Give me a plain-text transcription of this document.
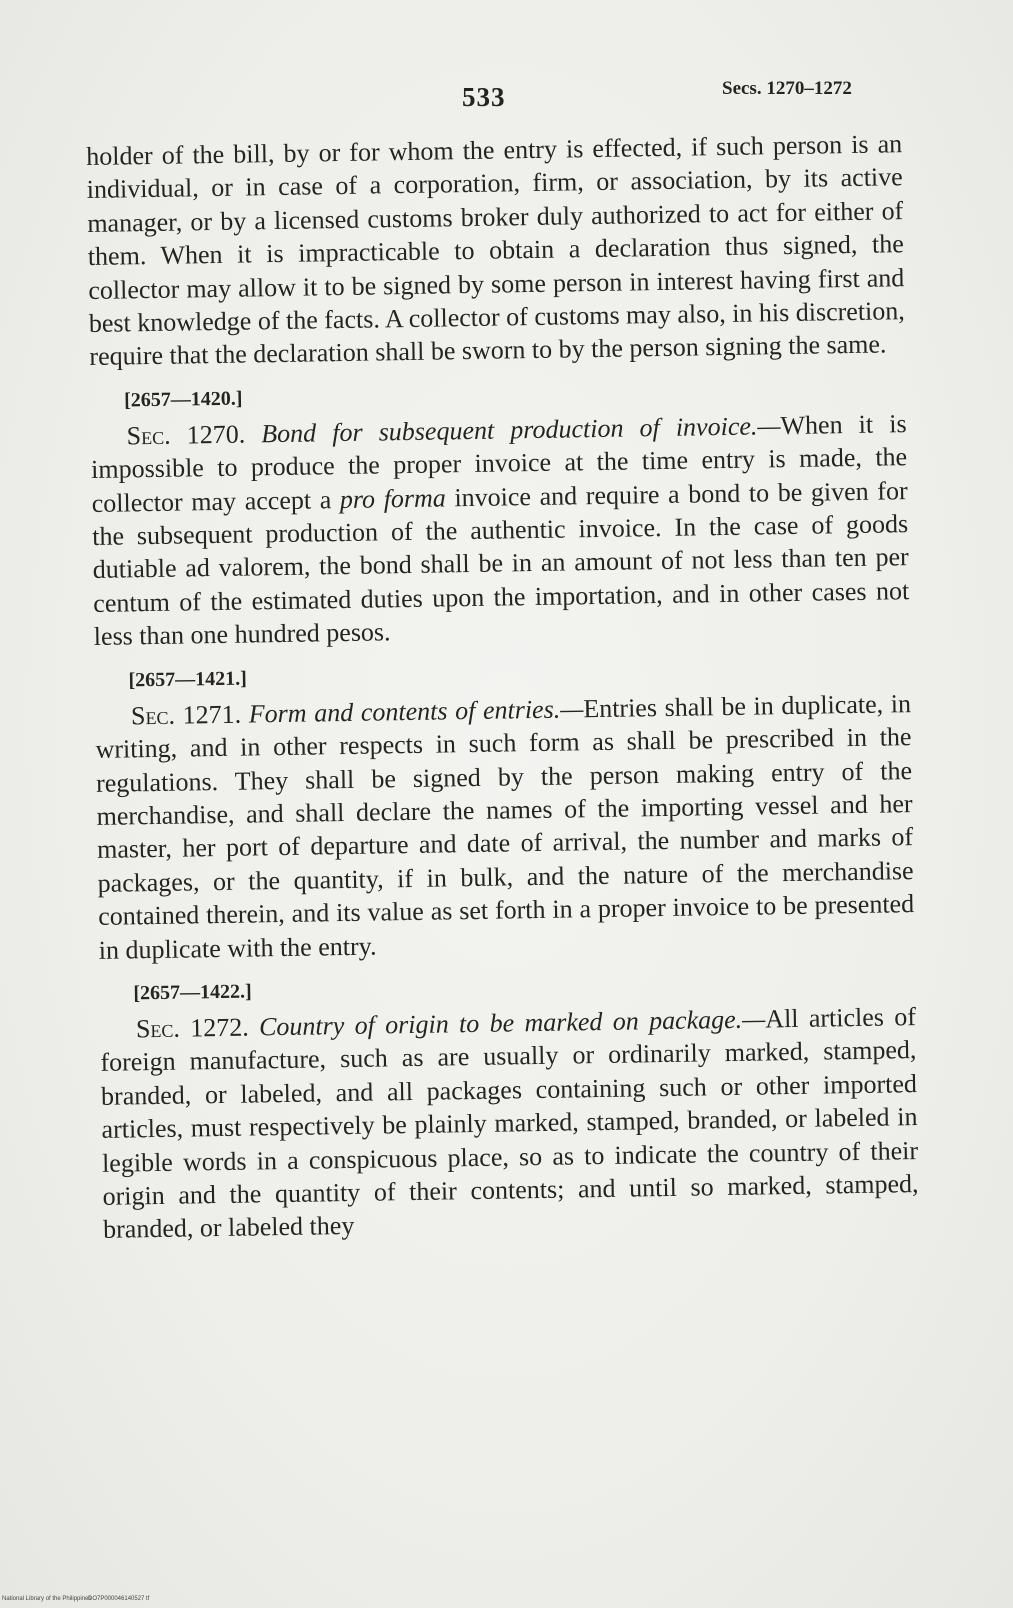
533	Secs. 1270–1272

holder of the bill, by or for whom the entry is effected, if such person is an individual, or in case of a corporation, firm, or association, by its active manager, or by a licensed customs broker duly authorized to act for either of them. When it is impracticable to obtain a declaration thus signed, the collector may allow it to be signed by some person in interest having first and best knowledge of the facts. A collector of customs may also, in his discretion, require that the declaration shall be sworn to by the person signing the same.

[2657—1420.]

Sec. 1270. Bond for subsequent production of invoice.—When it is impossible to produce the proper invoice at the time entry is made, the collector may accept a pro forma invoice and require a bond to be given for the subsequent production of the authentic invoice. In the case of goods dutiable ad valorem, the bond shall be in an amount of not less than ten per centum of the estimated duties upon the importation, and in other cases not less than one hundred pesos.

[2657—1421.]

Sec. 1271. Form and contents of entries.—Entries shall be in duplicate, in writing, and in other respects in such form as shall be prescribed in the regulations. They shall be signed by the person making entry of the merchandise, and shall declare the names of the importing vessel and her master, her port of departure and date of arrival, the number and marks of packages, or the quantity, if in bulk, and the nature of the merchandise contained therein, and its value as set forth in a proper invoice to be presented in duplicate with the entry.

[2657—1422.]

Sec. 1272. Country of origin to be marked on package.—All articles of foreign manufacture, such as are usually or ordinarily marked, stamped, branded, or labeled, and all packages containing such or other imported articles, must respectively be plainly marked, stamped, branded, or labeled in legible words in a conspicuous place, so as to indicate the country of their origin and the quantity of their contents; and until so marked, stamped, branded, or labeled they

National Library of the Philippines
DO7P000046140527 tf
